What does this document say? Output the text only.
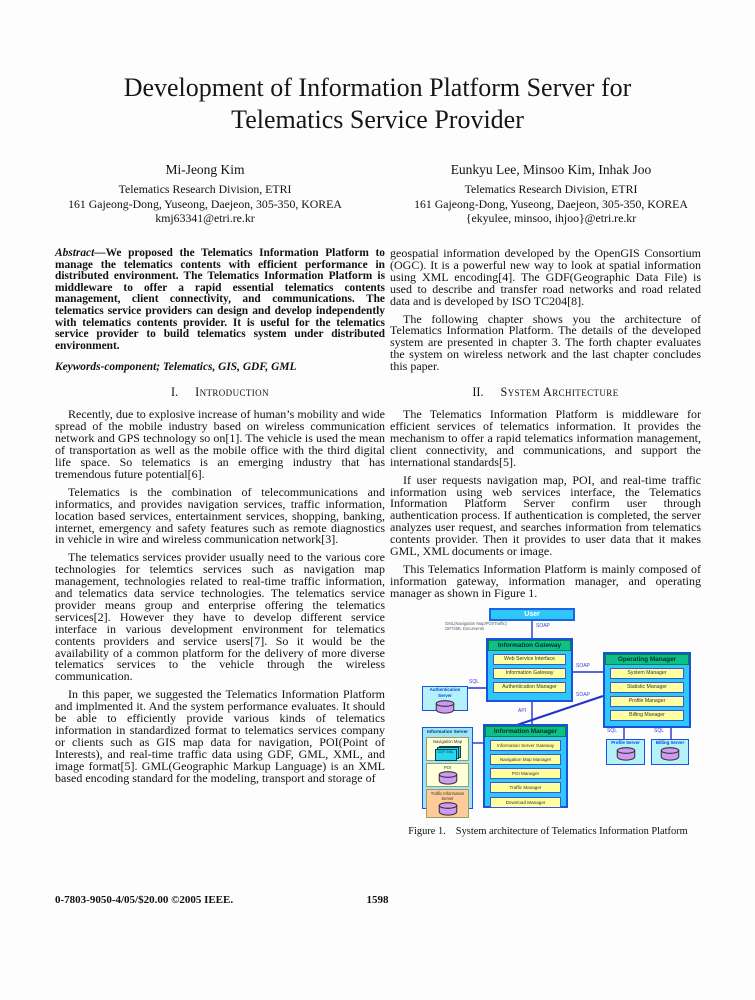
Development of Information Platform Server for
Telematics Service Provider
Mi-Jeong Kim
Telematics Research Division, ETRI
161 Gajeong-Dong, Yuseong, Daejeon, 305-350, KOREA
kmj63341@etri.re.kr
Eunkyu Lee, Minsoo Kim, Inhak Joo
Telematics Research Division, ETRI
161 Gajeong-Dong, Yuseong, Daejeon, 305-350, KOREA
{ekyulee, minsoo, ihjoo}@etri.re.kr
Abstract—We proposed the Telematics Information Platform to manage the telematics contents with efficient performance in distributed environment. The Telematics Information Platform is middleware to offer a rapid essential telematics contents management, client connectivity, and communications. The telematics service providers can design and develop independently with telematics contents provider. It is useful for the telematics service provider to build telematics system under distributed environment.
Keywords-component; Telematics, GIS, GDF, GML
I. Introduction

Recently, due to explosive increase of human’s mobility and wide spread of the mobile industry based on wireless communication network and GPS technology so on[1]. The vehicle is used the mean of transportation as well as the mobile office with the third digital life space. So telematics is an emerging industry that has tremendous future potential[6].

Telematics is the combination of telecommunications and informatics, and provides navigation services, traffic information, location based services, entertainment services, shopping, banking, internet, emergency and safety features such as remote diagnostics in vehicle in wire and wireless communication network[3].

The telematics services provider usually need to the various core technologies for telemtics services such as navigation map management, technologies related to real-time traffic information, and telematics data service technologies. The telematics service provider means group and enterprise offering the telematics services[2]. However they have to develop different service interface in various development environment for telematics contents providers and service users[7]. So it would be the availability of a common platform for the delivery of more diverse telematics services to the vehicle through the wireless communication.

In this paper, we suggested the Telematics Information Platform and implmented it. And the system performance evaluates. It should be able to efficiently provide various kinds of telematics information in standardized format to telematics services company or clients such as GIS map data for navigation, POI(Point of Interests), and real-time traffic data using GDF, GML, XML, and image format[5]. GML(Geographic Markup Language) is an XML based encoding standard for the modeling, transport and storage of

geospatial information developed by the OpenGIS Consortium (OGC). It is a powerful new way to look at spatial information using XML encoding[4]. The GDF(Geographic Data File) is used to describe and transfer road networks and road related data and is developed by ISO TC204[8].

The following chapter shows you the architecture of Telematics Information Platform. The details of the developed system are presented in chapter 3. The forth chapter evaluates the system on wireless network and the last chapter concludes this paper.

II. System Architecture

The Telematics Information Platform is middleware for efficient services of telematics information. It provides the mechanism to offer a rapid telematics information management, client connectivity, and communications, and support the international standards[5].

If user requests navigation map, POI, and real-time traffic information using web services interface, the Telematics Information Platform Server confirm user through authentication process. If authentication is completed, the server analyzes user request, and searches information from telematics contents provider. Then it provides to user data that it makes GML, XML documents or image.

This Telematics Information Platform is mainly composed of information gateway, information manager, and operating manager as shown in Figure 1.

User
GML(Navigation Map/POI/Traffic)
GIF/XML Documents	SOAP
SQL
SOAP
SOAP
API
SQL	SQL
Information Gateway
Web Service Interface
Information Gateway
Authentication Manager
Operating Manager
System Manager
Statistic Manager
Profile Manager
Billing Manager
Information Manager
Information Server Gateway
Navigation Map Manager
POI Manager
Traffic Manager
Download Manager
Authentication Server
Information Server
Navigation Map
GDF GML
POI
Traffic Information Server
Profile Server	Billing Server
Figure 1. System architecture of Telematics Information Platform
0-7803-9050-4/05/$20.00 ©2005 IEEE.	1598
